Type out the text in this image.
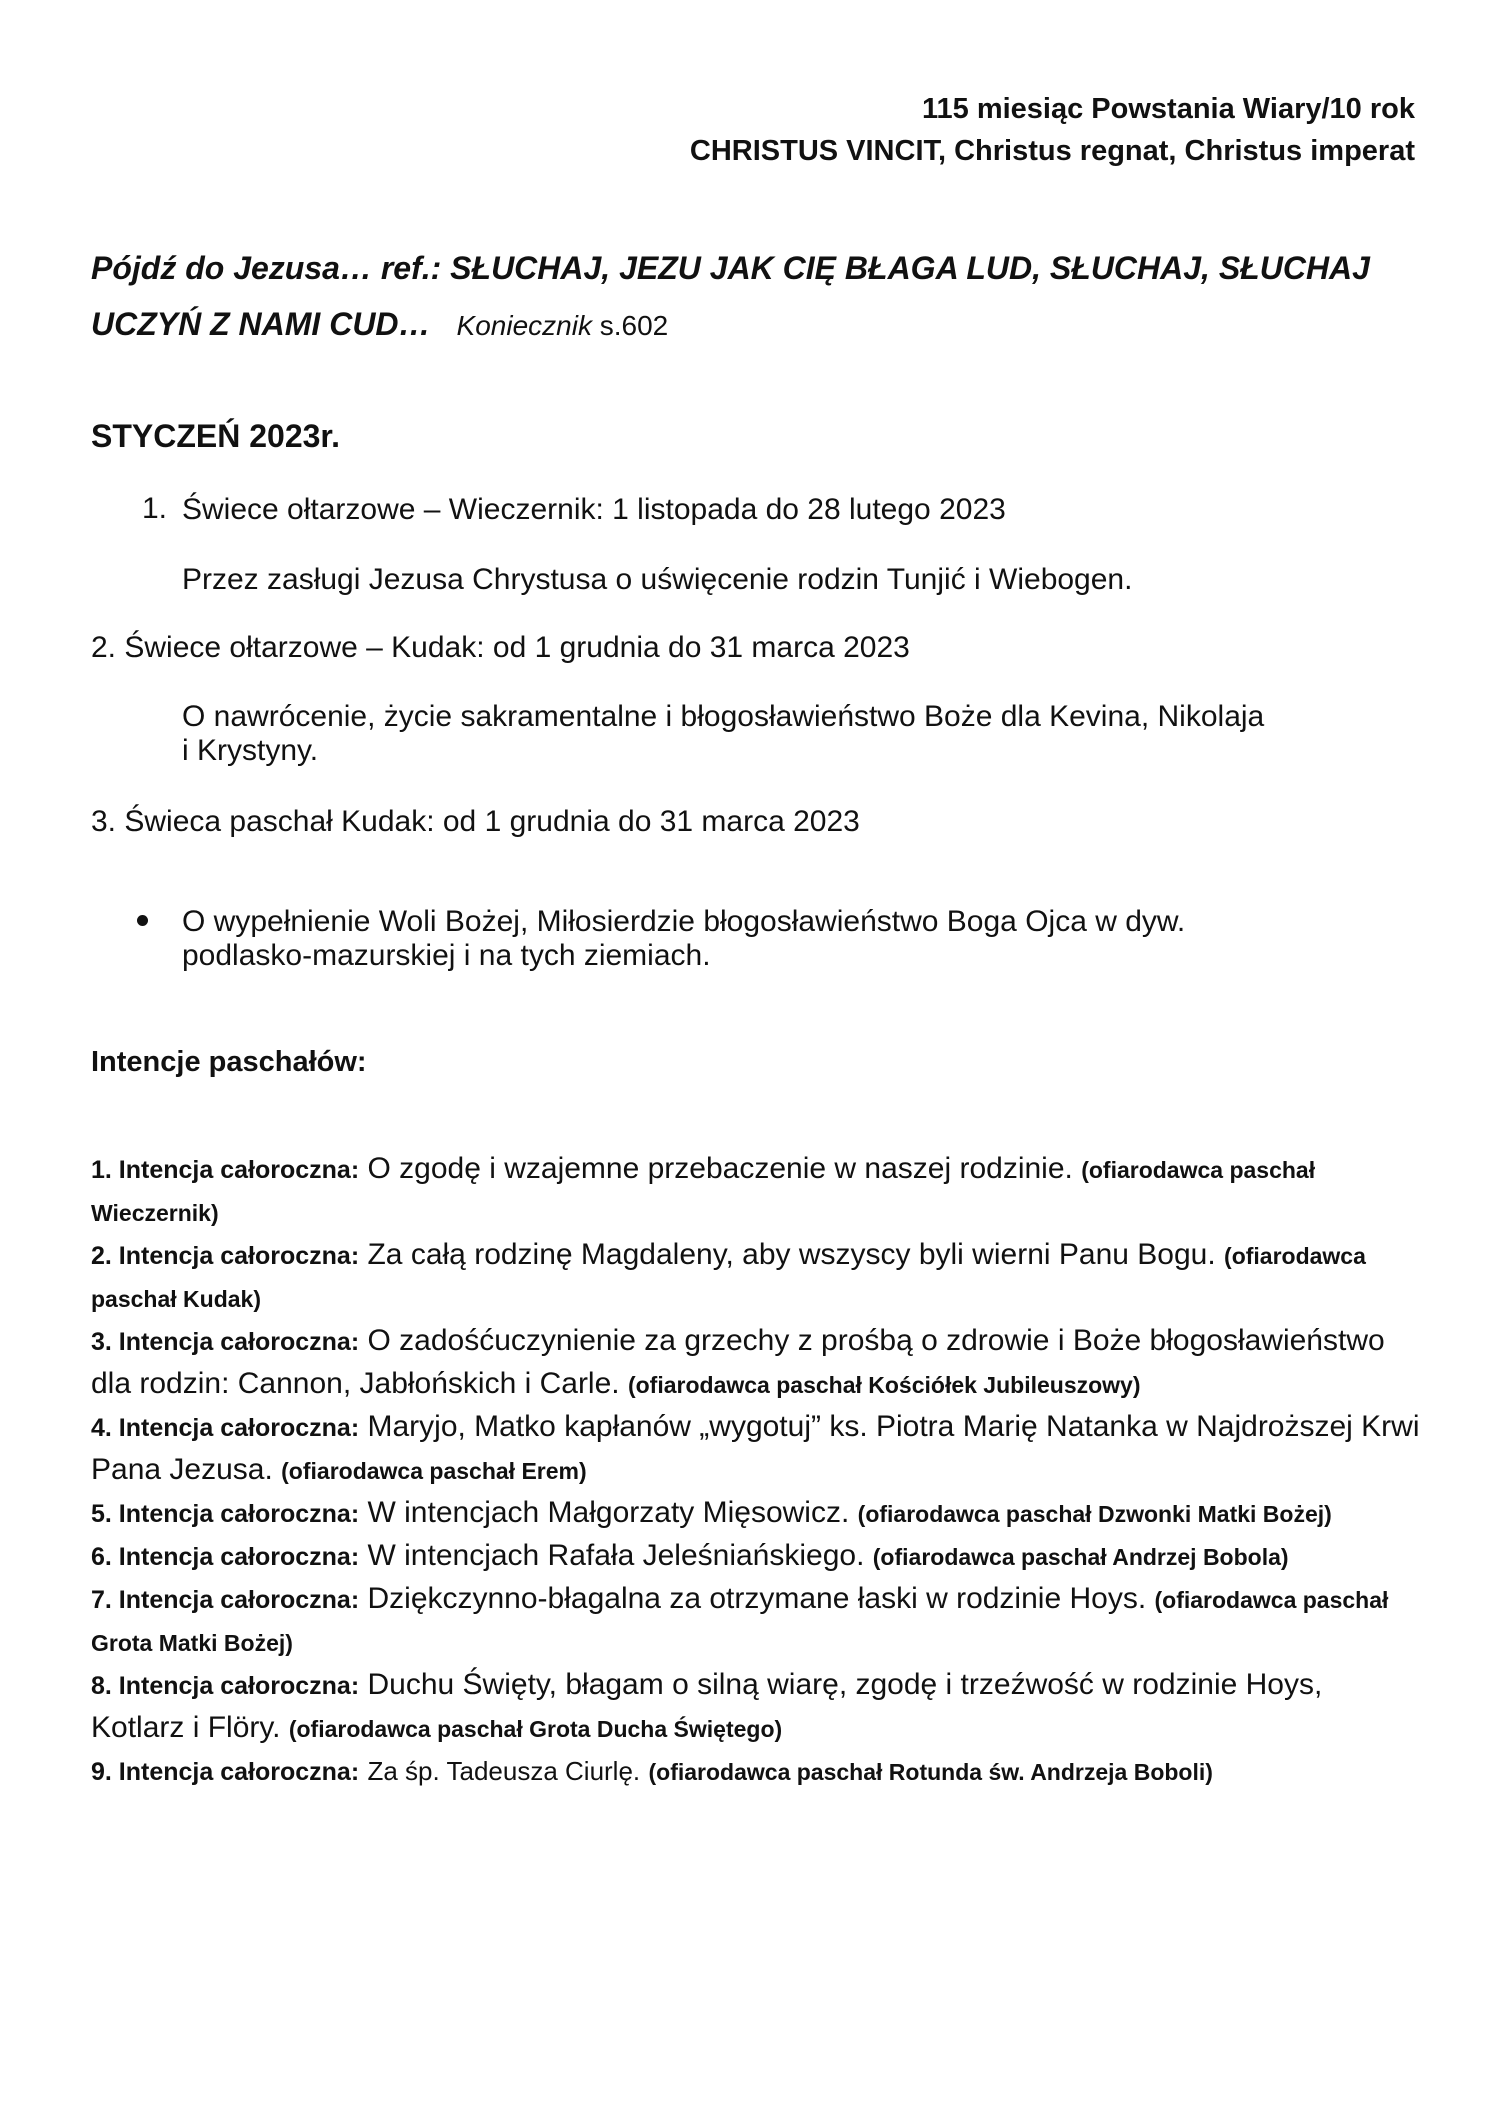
115 miesiąc Powstania Wiary/10 rok
CHRISTUS VINCIT, Christus regnat, Christus imperat
Pójdź do Jezusa… ref.: SŁUCHAJ, JEZU JAK CIĘ BŁAGA LUD, SŁUCHAJ, SŁUCHAJ
UCZYŃ Z NAMI CUD… Koniecznik s.602
STYCZEŃ 2023r.
1. Świece ołtarzowe – Wieczernik: 1 listopada do 28 lutego 2023
Przez zasługi Jezusa Chrystusa o uświęcenie rodzin Tunjić i Wiebogen.
2. Świece ołtarzowe – Kudak: od 1 grudnia do 31 marca 2023
O nawrócenie, życie sakramentalne i błogosławieństwo Boże dla Kevina, Nikolaja
i Krystyny.
3. Świeca paschał Kudak: od 1 grudnia do 31 marca 2023
O wypełnienie Woli Bożej, Miłosierdzie błogosławieństwo Boga Ojca w dyw.
podlasko-mazurskiej i na tych ziemiach.
Intencje paschałów:

1. Intencja całoroczna: O zgodę i wzajemne przebaczenie w naszej rodzinie. (ofiarodawca paschał Wieczernik)

2. Intencja całoroczna: Za całą rodzinę Magdaleny, aby wszyscy byli wierni Panu Bogu. (ofiarodawca paschał Kudak)

3. Intencja całoroczna: O zadośćuczynienie za grzechy z prośbą o zdrowie i Boże błogosławieństwo dla rodzin: Cannon, Jabłońskich i Carle. (ofiarodawca paschał Kościółek Jubileuszowy)

4. Intencja całoroczna: Maryjo, Matko kapłanów „wygotuj” ks. Piotra Marię Natanka w Najdroższej Krwi Pana Jezusa. (ofiarodawca paschał Erem)

5. Intencja całoroczna: W intencjach Małgorzaty Mięsowicz. (ofiarodawca paschał Dzwonki Matki Bożej)

6. Intencja całoroczna: W intencjach Rafała Jeleśniańskiego. (ofiarodawca paschał Andrzej Bobola)

7. Intencja całoroczna: Dziękczynno-błagalna za otrzymane łaski w rodzinie Hoys. (ofiarodawca paschał Grota Matki Bożej)

8. Intencja całoroczna: Duchu Święty, błagam o silną wiarę, zgodę i trzeźwość w rodzinie Hoys, Kotlarz i Flöry. (ofiarodawca paschał Grota Ducha Świętego)

9. Intencja całoroczna: Za śp. Tadeusza Ciurlę. (ofiarodawca paschał Rotunda św. Andrzeja Boboli)
